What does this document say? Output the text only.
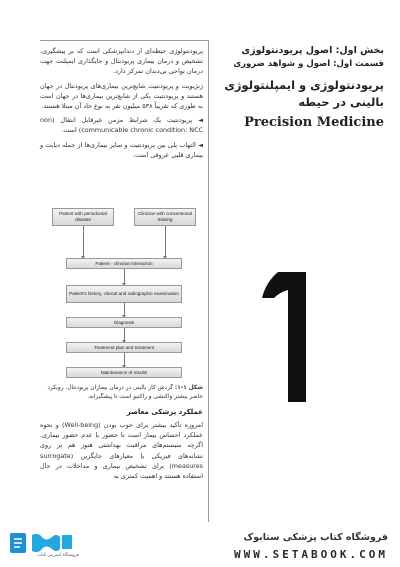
بخش اول: اصول پریودنتولوژی
قسمت اول: اصول و شواهد ضروری
پریودنتولوژی و ایمپلنتولوژی
بالینی در حیطه
Precision Medicine
1

پریودنتولوژی حیطه‌ای از دندانپزشکی است که بر پیشگیری، تشخیص و درمان بیماری پریودنتال و جایگذاری ایمپلنت جهت درمان نواحی بی‌دندان تمرکز دارد.

ژنژیویت و پریودنتیت شایع‌ترین بیماری‌های پریودنتال در جهان هستند و پریودنتیت یکی از شایع‌ترین بیماری‌ها در جهان است به طوری که تقریباً ۵۳۸ میلیون نفر به نوع حاد آن مبتلا هستند.

◄ پریودنتیت یک شرایط مزمن غیرقابل انتقال (non communicable chronic condition: NCC) است.

◄ التهاب پلی بین پریودنتیت و سایر بیماری‌ها از جمله دیابت و بیماری قلبی عروقی است.

Patient with periodontal disease
Clinician with conventional training
Patient - clinician interaction
Patient's history, clinical and radiographic examination
Diagnosis
Treatment plan and treatment
Maintenance of results
شکل ۱-۱: گردش کار بالینی در درمان بیماران پریودنتال. رویکرد حاضر بیشتر واکنشی و راکتیو است تا پیشگیرانه.
عملکرد پزشکی معاصر

امروزه تأکید بیشتر برای خوب بودن (Well-being) و نحوه عملکرد احساس بیمار است تا حضور یا عدم حضور بیماری. اگرچه سیستم‌های مراقبت بهداشتی هنوز هم بر روی نشانه‌های فیزیکی یا معیارهای جایگزین (surrogate measures) برای تشخیص بیماری و مداخلات در حال استفاده هستند و اهمیت کمتری به

فروشگاه اینترنتی کتاب
فروشگاه کتاب پزشکی ستابوک
WWW.SETABOOK.COM
